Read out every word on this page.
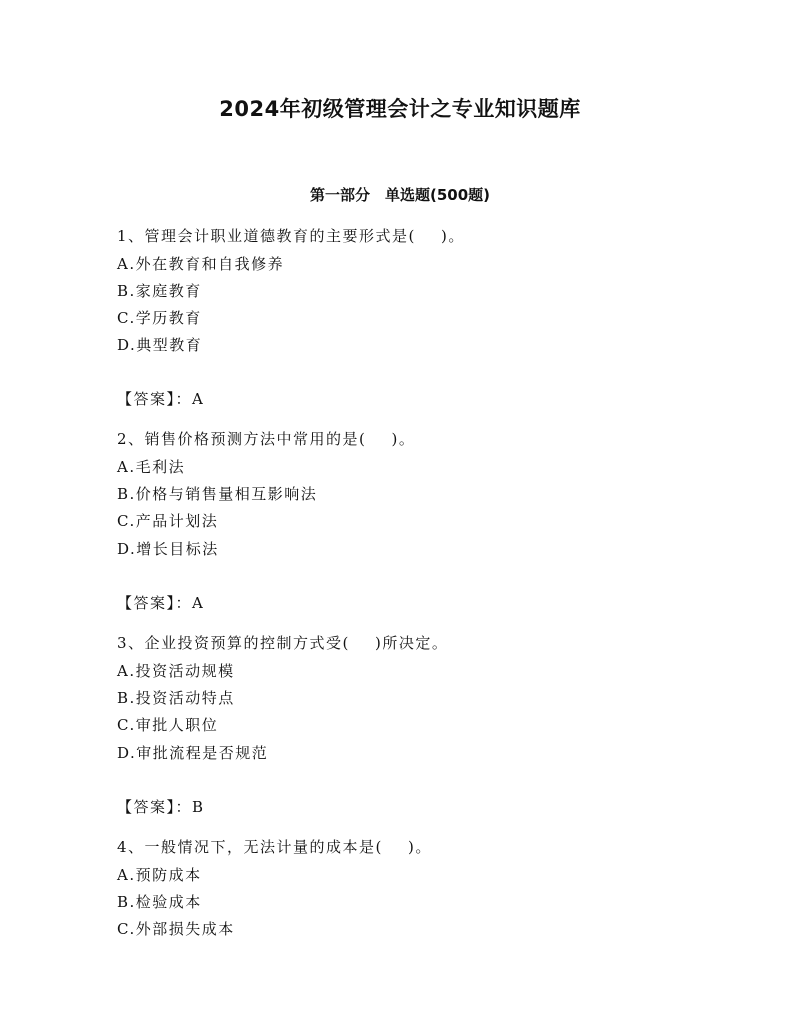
2024年初级管理会计之专业知识题库
第一部分　单选题(500题)
1、管理会计职业道德教育的主要形式是(    )。
A.外在教育和自我修养
B.家庭教育
C.学历教育
D.典型教育
【答案】：A
2、销售价格预测方法中常用的是(    )。
A.毛利法
B.价格与销售量相互影响法
C.产品计划法
D.增长目标法
【答案】：A
3、企业投资预算的控制方式受(    )所决定。
A.投资活动规模
B.投资活动特点
C.审批人职位
D.审批流程是否规范
【答案】：B
4、一般情况下，无法计量的成本是(    )。
A.预防成本
B.检验成本
C.外部损失成本
